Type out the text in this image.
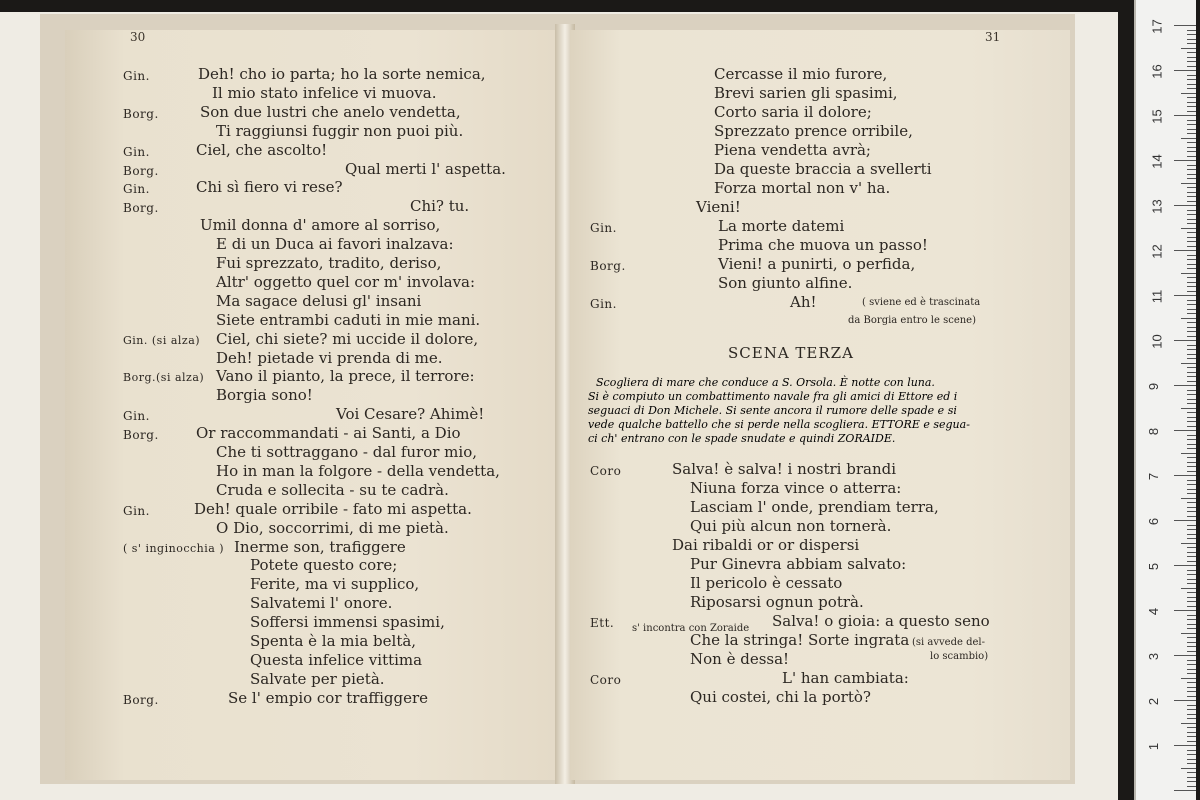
30
Gin.	Deh! cho io parta; ho la sorte nemica,
Il mio stato infelice vi muova.
Borg.	Son due lustri che anelo vendetta,
Ti raggiunsi fuggir non puoi più.
Gin.	Ciel, che ascolto!
Borg.	Qual merti l' aspetta.
Gin.	Chi sì fiero vi rese?
Borg.	Chi? tu.
Umil donna d' amore al sorriso,
E di un Duca ai favori inalzava:
Fui sprezzato, tradito, deriso,
Altr' oggetto quel cor m' involava:
Ma sagace delusi gl' insani
Siete entrambi caduti in mie mani.
Gin. (si alza) Ciel, chi siete? mi uccide il dolore,
Deh! pietade vi prenda di me.
Borg.(si alza) Vano il pianto, la prece, il terrore:
Borgia sono!
Gin.	Voi Cesare? Ahimè!
Borg. Or raccommandati - ai Santi, a Dio
Che ti sottraggano - dal furor mio,
Ho in man la folgore - della vendetta,
Cruda e sollecita - su te cadrà.
Gin.	Deh! quale orribile - fato mi aspetta.
O Dio, soccorrimi, di me pietà.
( s' inginocchia ) Inerme son, trafiggere
Potete questo core;
Ferite, ma vi supplico,
Salvatemi l' onore.
Soffersi immensi spasimi,
Spenta è la mia beltà,
Questa infelice vittima
Salvate per pietà.
Borg.	Se l' empio cor traffiggere
31
Cercasse il mio furore,
Brevi sarien gli spasimi,
Corto saria il dolore;
Sprezzato prence orribile,
Piena vendetta avrà;
Da queste braccia a svellerti
Forza mortal non v' ha.
Vieni!
Gin.	La morte datemi
Prima che muova un passo!
Borg.	Vieni! a punirti, o perfida,
Son giunto alfine.
Gin.	Ah!	( sviene ed è trascinata
da Borgia entro le scene)
SCENA TERZA
Scogliera di mare che conduce a S. Orsola. È notte con luna.
Si è compiuto un combattimento navale fra gli amici di Ettore ed i
seguaci di Don Michele. Si sente ancora il rumore delle spade e si
vede qualche battello che si perde nella scogliera. ETTORE e segua-
ci ch' entrano con le spade snudate e quindi ZORAIDE.
Coro	Salva! è salva! i nostri brandi
Niuna forza vince o atterra:
Lasciam l' onde, prendiam terra,
Qui più alcun non tornerà.
Dai ribaldi or or dispersi
Pur Ginevra abbiam salvato:
Il pericolo è cessato
Riposarsi ognun potrà.
Ett.	Salva! o gioia: a questo seno
Che la stringa! Sorte ingrata
Non è dessa!
Coro	L' han cambiata:
Qui costei, chi la portò?
s' incontra con Zoraide
(si avvede del-
lo scambio)
1
2
3
4
5
6
7
8
9
10
11
12
13
14
15
16
17
